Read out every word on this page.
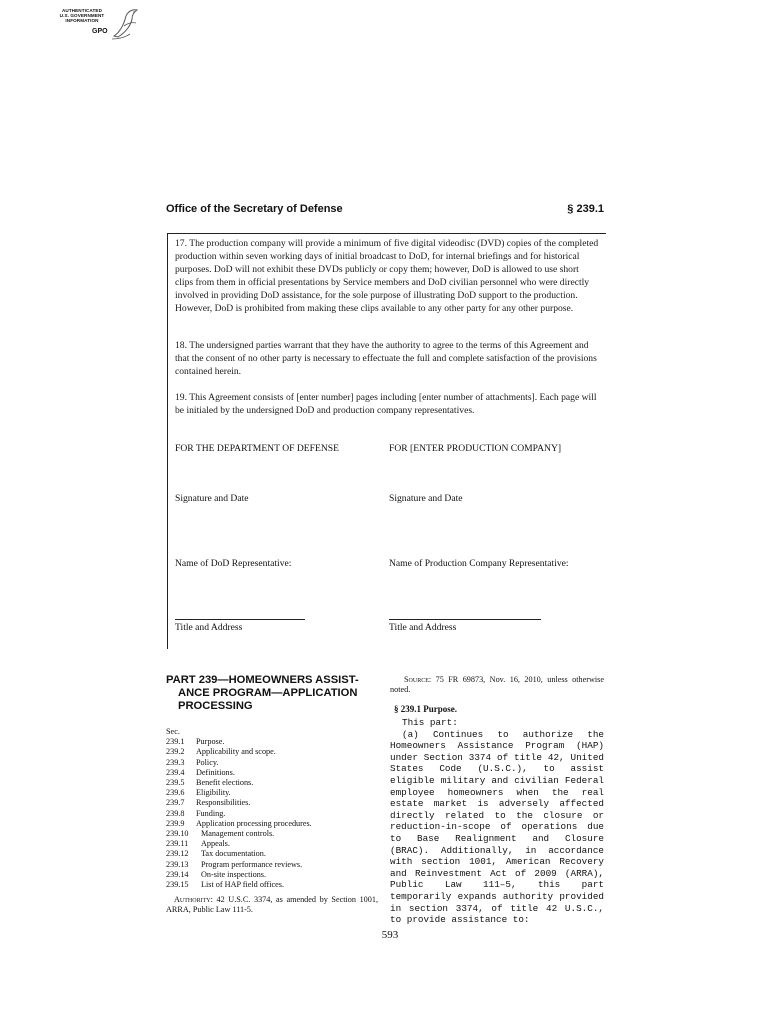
AUTHENTICATED
U.S. GOVERNMENT
INFORMATION
GPO
Office of the Secretary of Defense	§ 239.1
17. The production company will provide a minimum of five digital videodisc (DVD) copies of the completed production within seven working days of initial broadcast to DoD, for internal briefings and for historical purposes. DoD will not exhibit these DVDs publicly or copy them; however, DoD is allowed to use short clips from them in official presentations by Service members and DoD civilian personnel who were directly involved in providing DoD assistance, for the sole purpose of illustrating DoD support to the production. However, DoD is prohibited from making these clips available to any other party for any other purpose.
18. The undersigned parties warrant that they have the authority to agree to the terms of this Agreement and that the consent of no other party is necessary to effectuate the full and complete satisfaction of the provisions contained herein.
19. This Agreement consists of [enter number] pages including [enter number of attachments]. Each page will be initialed by the undersigned DoD and production company representatives.
FOR THE DEPARTMENT OF DEFENSE	FOR [ENTER PRODUCTION COMPANY]
Signature and Date	Signature and Date
Name of DoD Representative:	Name of Production Company Representative:
Title and Address	Title and Address
PART 239—HOMEOWNERS ASSIST-
ANCE PROGRAM—APPLICATION
PROCESSING
Sec.
239.1 Purpose.
239.2 Applicability and scope.
239.3 Policy.
239.4 Definitions.
239.5 Benefit elections.
239.6 Eligibility.
239.7 Responsibilities.
239.8 Funding.
239.9 Application processing procedures.
239.10 Management controls.
239.11 Appeals.
239.12 Tax documentation.
239.13 Program performance reviews.
239.14 On-site inspections.
239.15 List of HAP field offices.
Authority: 42 U.S.C. 3374, as amended by Section 1001, ARRA, Public Law 111-5.
Source: 75 FR 69873, Nov. 16, 2010, unless otherwise noted.
§ 239.1 Purpose.

This part:

(a) Continues to authorize the Homeowners Assistance Program (HAP) under Section 3374 of title 42, United States Code (U.S.C.), to assist eligible military and civilian Federal employee homeowners when the real estate market is adversely affected directly related to the closure or reduction-in-scope of operations due to Base Realignment and Closure (BRAC). Additionally, in accordance with section 1001, American Recovery and Reinvestment Act of 2009 (ARRA), Public Law 111–5, this part temporarily expands authority provided in section 3374, of title 42 U.S.C., to provide assistance to:

593
